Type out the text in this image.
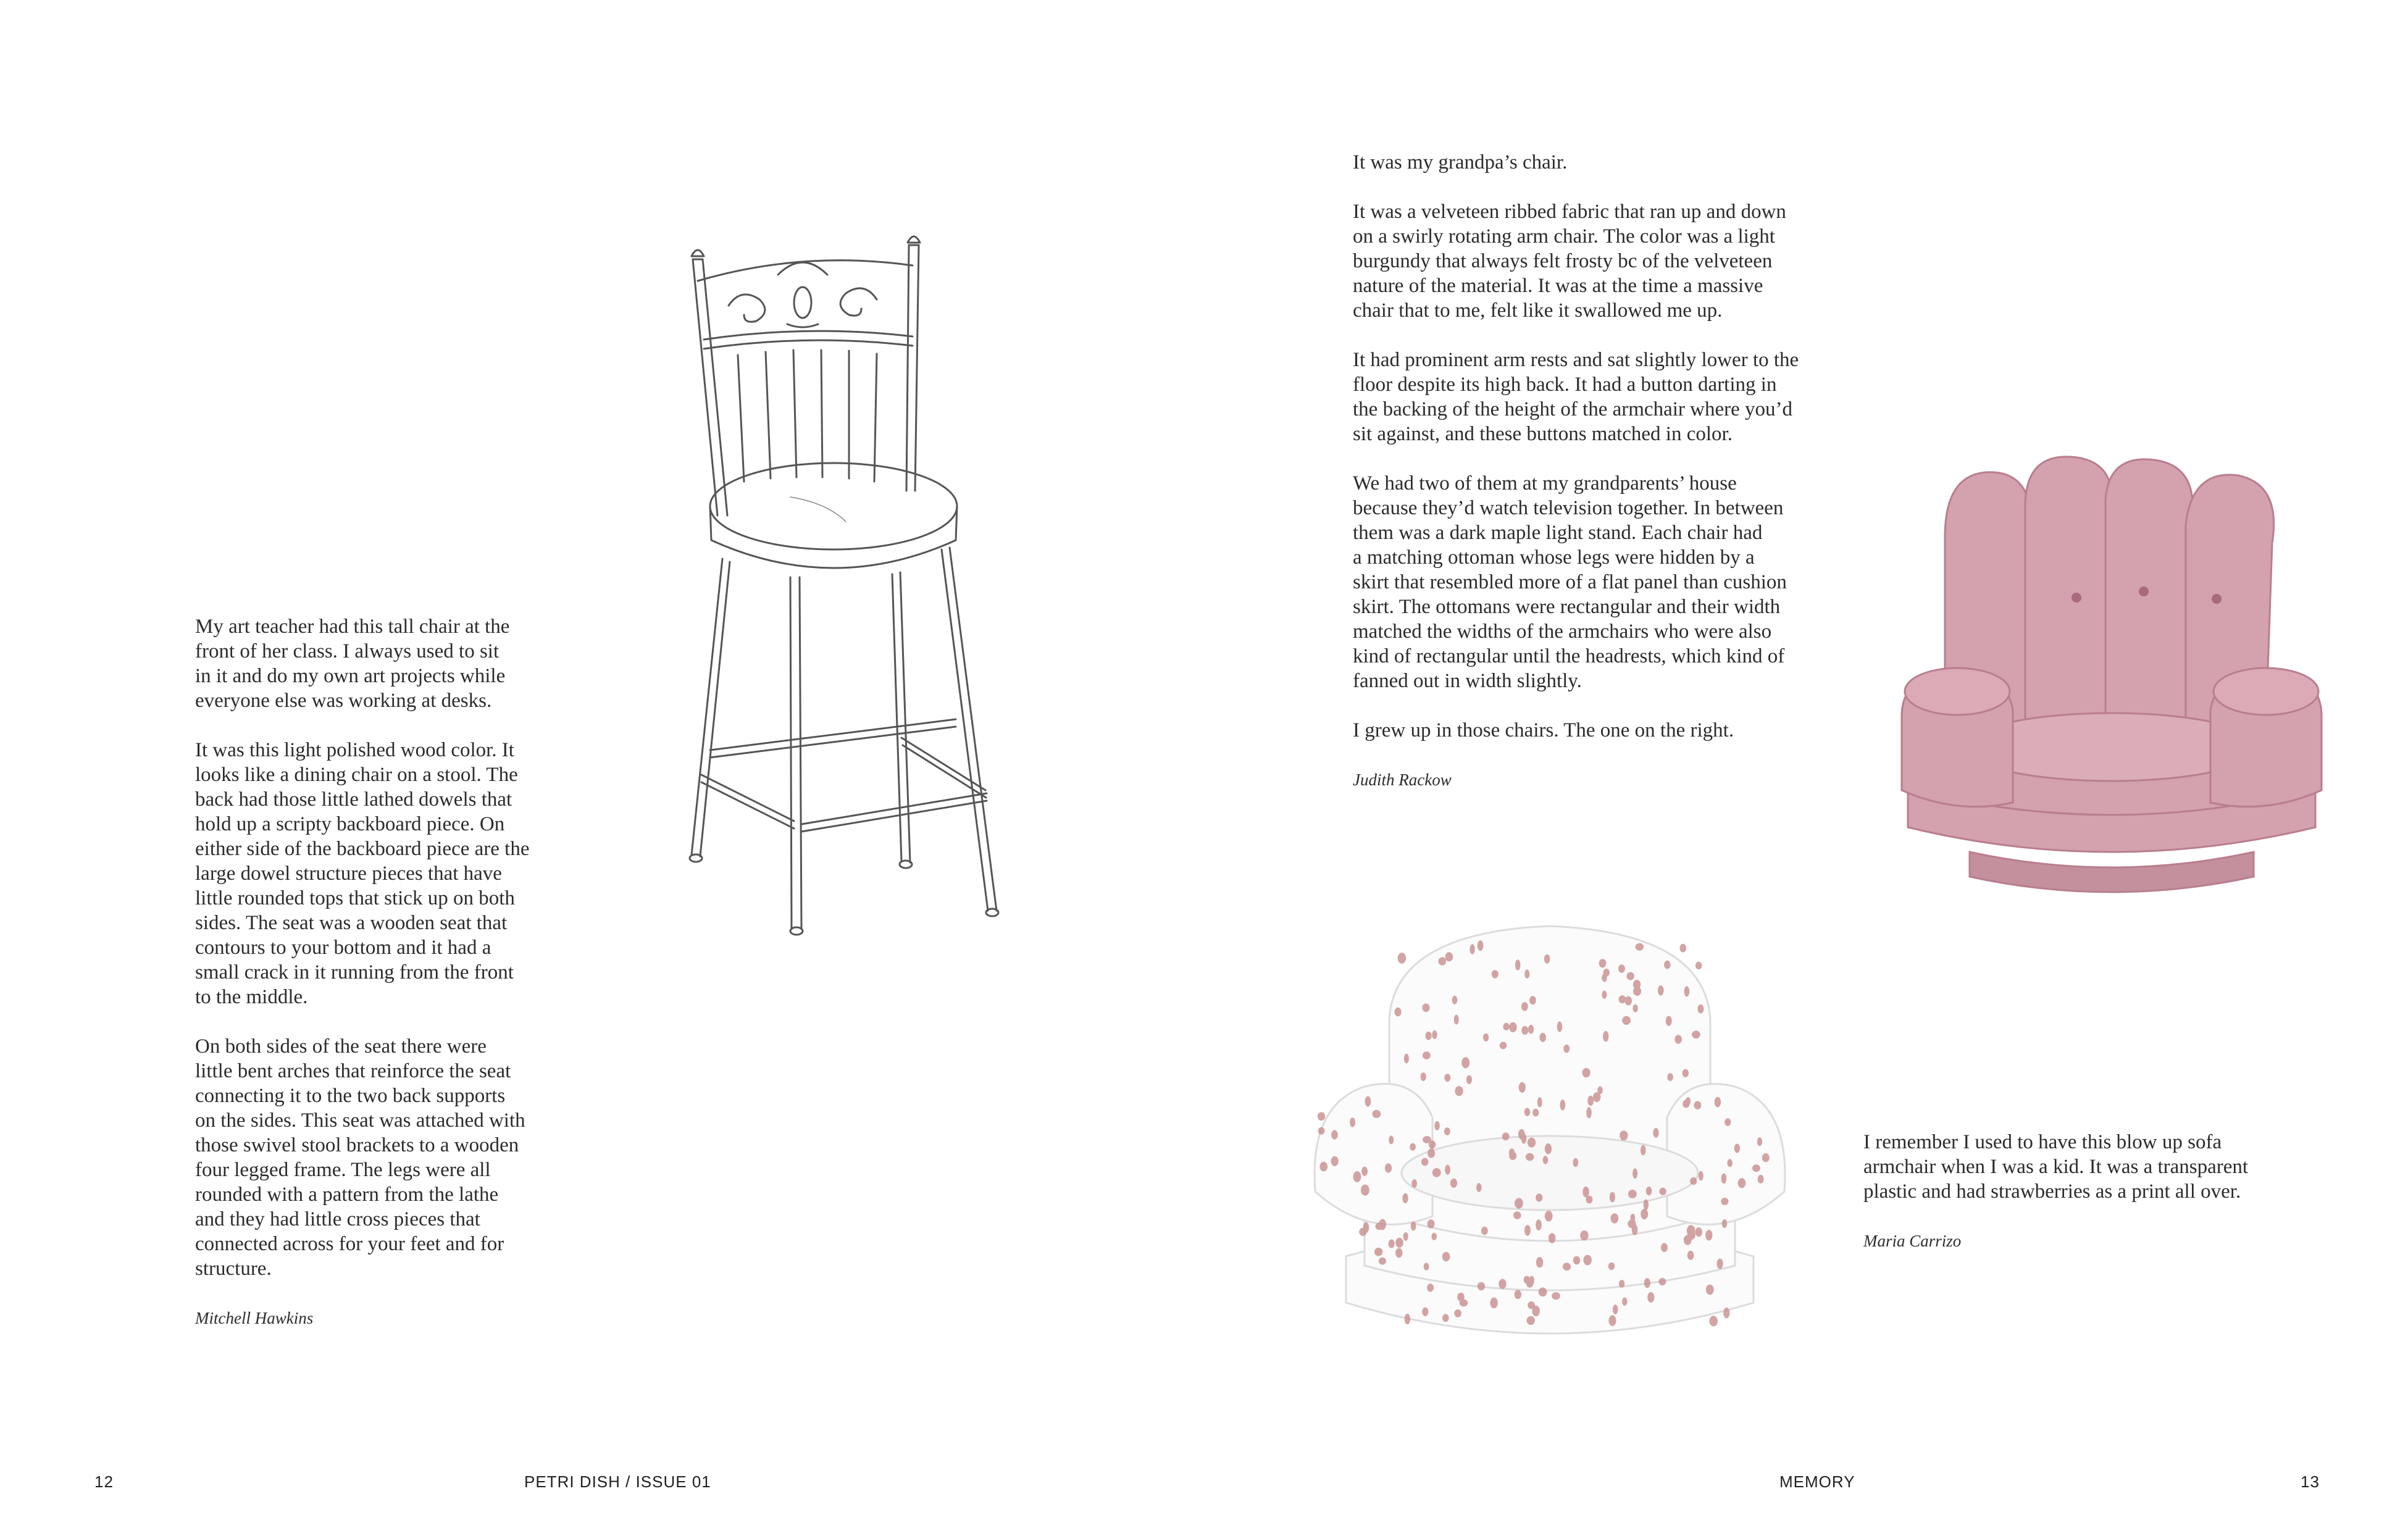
My art teacher had this tall chair at the
front of her class. I always used to sit
in it and do my own art projects while
everyone else was working at desks.

It was this light polished wood color. It
looks like a dining chair on a stool. The
back had those little lathed dowels that
hold up a scripty backboard piece. On
either side of the backboard piece are the
large dowel structure pieces that have
little rounded tops that stick up on both
sides. The seat was a wooden seat that
contours to your bottom and it had a
small crack in it running from the front
to the middle.

On both sides of the seat there were
little bent arches that reinforce the seat
connecting it to the two back supports
on the sides. This seat was attached with
those swivel stool brackets to a wooden
four legged frame. The legs were all
rounded with a pattern from the lathe
and they had little cross pieces that
connected across for your feet and for
structure.

Mitchell Hawkins

It was my grandpa’s chair.

It was a velveteen ribbed fabric that ran up and down
on a swirly rotating arm chair. The color was a light
burgundy that always felt frosty bc of the velveteen
nature of the material. It was at the time a massive
chair that to me, felt like it swallowed me up.

It had prominent arm rests and sat slightly lower to the
floor despite its high back. It had a button darting in
the backing of the height of the armchair where you’d
sit against, and these buttons matched in color.

We had two of them at my grandparents’ house
because they’d watch television together. In between
them was a dark maple light stand. Each chair had
a matching ottoman whose legs were hidden by a
skirt that resembled more of a flat panel than cushion
skirt. The ottomans were rectangular and their width
matched the widths of the armchairs who were also
kind of rectangular until the headrests, which kind of
fanned out in width slightly.

I grew up in those chairs. The one on the right.

Judith Rackow

I remember I used to have this blow up sofa
armchair when I was a kid. It was a transparent
plastic and had strawberries as a print all over.

Maria Carrizo

12	PETRI DISH / ISSUE 01	MEMORY	13
